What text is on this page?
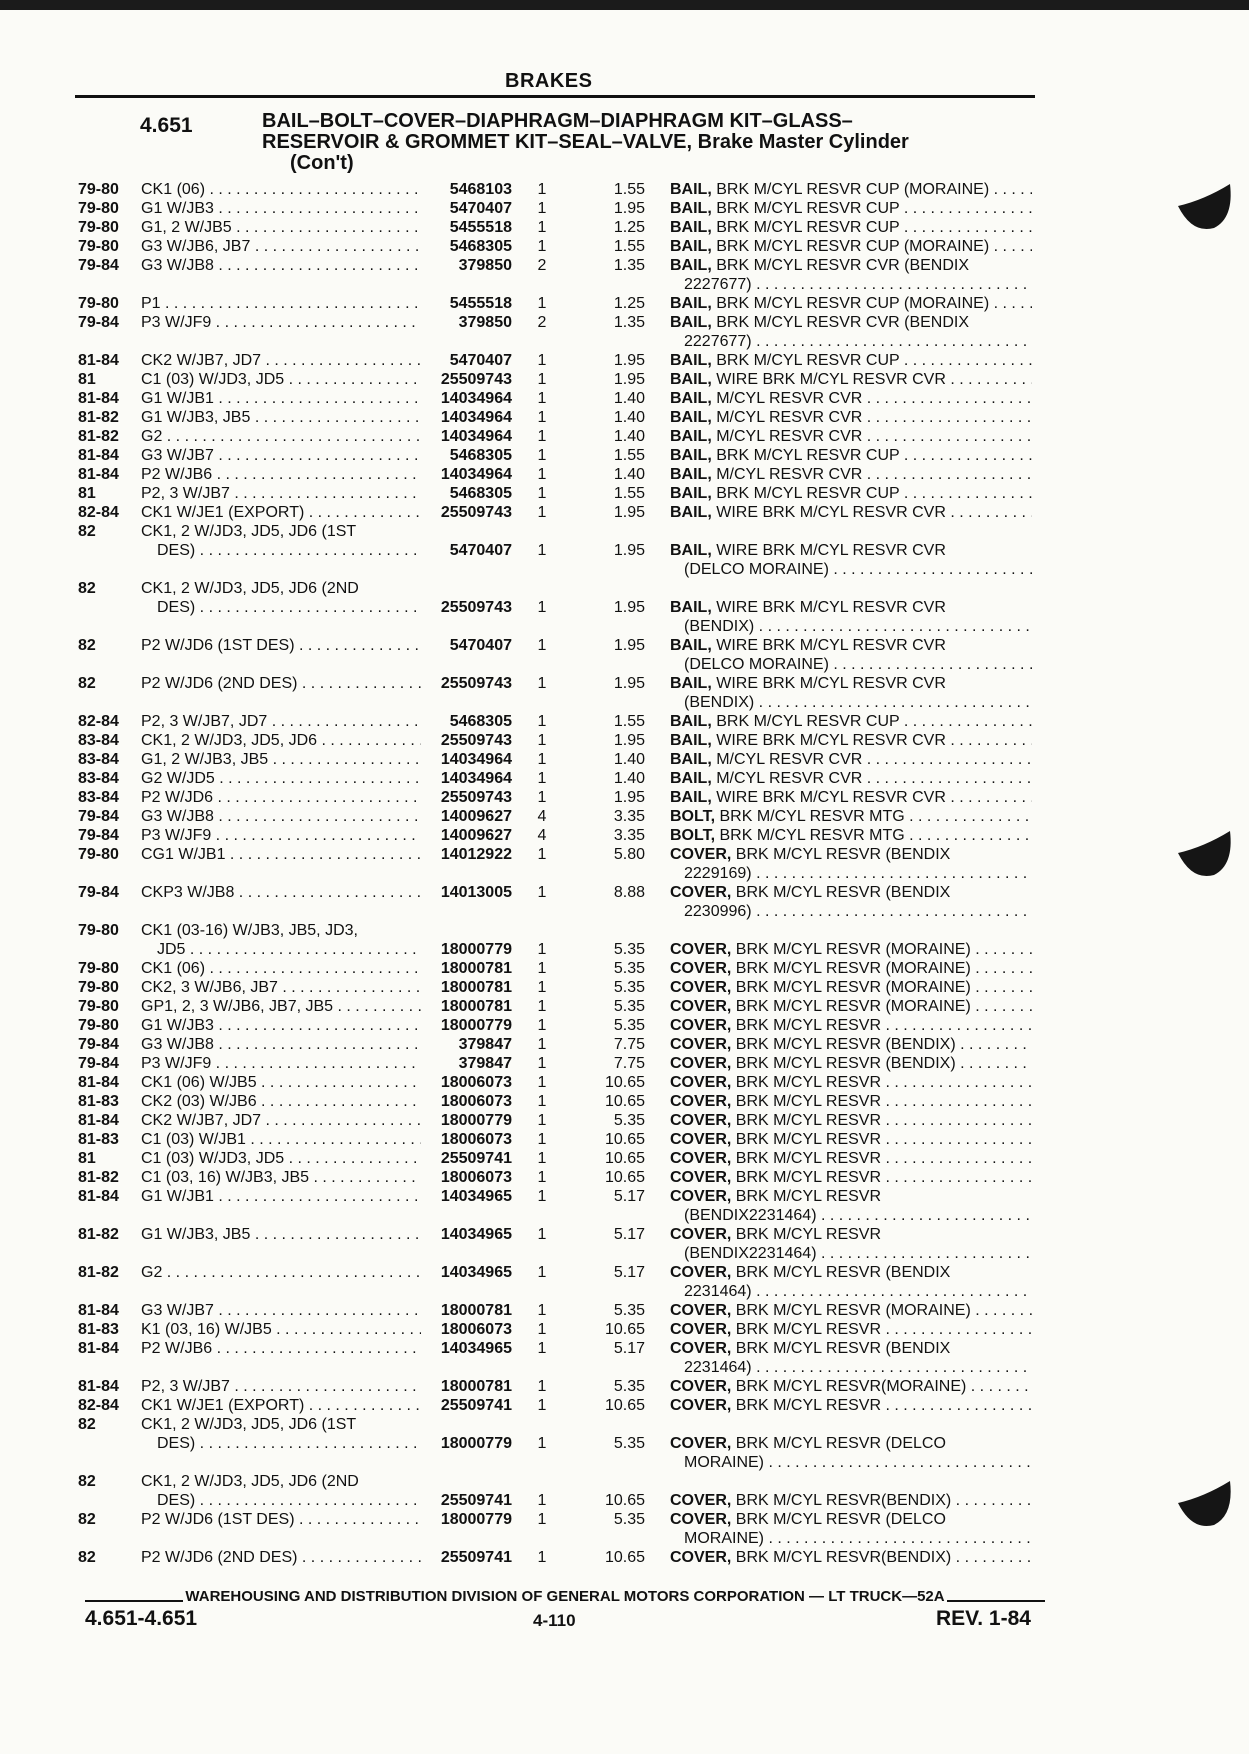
BRAKES
4.651	BAIL–BOLT–COVER–DIAPHRAGM–DIAPHRAGM KIT–GLASS–
RESERVOIR & GROMMET KIT–SEAL–VALVE, Brake Master Cylinder
(Con't)
79-80	CK1 (06) . . .	5468103	1	1.55 BAIL, BRK M/CYL RESVR CUP (MORAINE) . . .
79-80	G1 W/JB3 . . .	5470407	1	1.95 BAIL, BRK M/CYL RESVR CUP . . .
79-80	G1, 2 W/JB5 . . .	5455518	1	1.25 BAIL, BRK M/CYL RESVR CUP . . .
79-80	G3 W/JB6, JB7 . . .	5468305	1	1.55 BAIL, BRK M/CYL RESVR CUP (MORAINE) . . .
79-84	G3 W/JB8 . . .	379850	2	1.35 BAIL, BRK M/CYL RESVR CVR (BENDIX
2227677) . . .
79-80	P1 . . .	5455518	1	1.25 BAIL, BRK M/CYL RESVR CUP (MORAINE) . . .
79-84	P3 W/JF9 . . .	379850	2	1.35 BAIL, BRK M/CYL RESVR CVR (BENDIX
2227677) . . .
81-84	CK2 W/JB7, JD7 . . .	5470407	1	1.95 BAIL, BRK M/CYL RESVR CUP . . .
81	C1 (03) W/JD3, JD5 . . .	25509743	1	1.95 BAIL, WIRE BRK M/CYL RESVR CVR . . .
81-84	G1 W/JB1 . . .	14034964	1	1.40 BAIL, M/CYL RESVR CVR . . .
81-82	G1 W/JB3, JB5 . . .	14034964	1	1.40 BAIL, M/CYL RESVR CVR . . .
81-82	G2 . . .	14034964	1	1.40 BAIL, M/CYL RESVR CVR . . .
81-84	G3 W/JB7 . . .	5468305	1	1.55 BAIL, BRK M/CYL RESVR CUP . . .
81-84	P2 W/JB6 . . .	14034964	1	1.40 BAIL, M/CYL RESVR CVR . . .
81	P2, 3 W/JB7 . . .	5468305	1	1.55 BAIL, BRK M/CYL RESVR CUP . . .
82-84	CK1 W/JE1 (EXPORT) . . .	25509743	1	1.95 BAIL, WIRE BRK M/CYL RESVR CVR . . .
82	CK1, 2 W/JD3, JD5, JD6 (1ST
DES) . . .	5470407	1	1.95 BAIL, WIRE BRK M/CYL RESVR CVR
(DELCO MORAINE) . . .
82	CK1, 2 W/JD3, JD5, JD6 (2ND
DES) . . .	25509743	1	1.95 BAIL, WIRE BRK M/CYL RESVR CVR
(BENDIX) . . .
82	P2 W/JD6 (1ST DES) . . .	5470407	1	1.95 BAIL, WIRE BRK M/CYL RESVR CVR
(DELCO MORAINE) . . .
82	P2 W/JD6 (2ND DES) . . .	25509743	1	1.95 BAIL, WIRE BRK M/CYL RESVR CVR
(BENDIX) . . .
82-84	P2, 3 W/JB7, JD7 . . .	5468305	1	1.55 BAIL, BRK M/CYL RESVR CUP . . .
83-84	CK1, 2 W/JD3, JD5, JD6 . . .	25509743	1	1.95 BAIL, WIRE BRK M/CYL RESVR CVR . . .
83-84	G1, 2 W/JB3, JB5 . . .	14034964	1	1.40 BAIL, M/CYL RESVR CVR . . .
83-84	G2 W/JD5 . . .	14034964	1	1.40 BAIL, M/CYL RESVR CVR . . .
83-84	P2 W/JD6 . . .	25509743	1	1.95 BAIL, WIRE BRK M/CYL RESVR CVR . . .
79-84	G3 W/JB8 . . .	14009627	4	3.35 BOLT, BRK M/CYL RESVR MTG . . .
79-84	P3 W/JF9 . . .	14009627	4	3.35 BOLT, BRK M/CYL RESVR MTG . . .
79-80	CG1 W/JB1 . . .	14012922	1	5.80 COVER, BRK M/CYL RESVR (BENDIX
2229169) . . .
79-84	CKP3 W/JB8 . . .	14013005	1	8.88 COVER, BRK M/CYL RESVR (BENDIX
2230996) . . .
79-80	CK1 (03-16) W/JB3, JB5, JD3,
JD5 . . .	18000779	1	5.35 COVER, BRK M/CYL RESVR (MORAINE) . . .
79-80	CK1 (06) . . .	18000781	1	5.35 COVER, BRK M/CYL RESVR (MORAINE) . . .
79-80	CK2, 3 W/JB6, JB7 . . .	18000781	1	5.35 COVER, BRK M/CYL RESVR (MORAINE) . . .
79-80	GP1, 2, 3 W/JB6, JB7, JB5 . . .	18000781	1	5.35 COVER, BRK M/CYL RESVR (MORAINE) . . .
79-80	G1 W/JB3 . . .	18000779	1	5.35 COVER, BRK M/CYL RESVR . . .
79-84	G3 W/JB8 . . .	379847	1	7.75 COVER, BRK M/CYL RESVR (BENDIX) . . .
79-84	P3 W/JF9 . . .	379847	1	7.75 COVER, BRK M/CYL RESVR (BENDIX) . . .
81-84	CK1 (06) W/JB5 . . .	18006073	1	10.65 COVER, BRK M/CYL RESVR . . .
81-83	CK2 (03) W/JB6 . . .	18006073	1	10.65 COVER, BRK M/CYL RESVR . . .
81-84	CK2 W/JB7, JD7 . . .	18000779	1	5.35 COVER, BRK M/CYL RESVR . . .
81-83	C1 (03) W/JB1 . . .	18006073	1	10.65 COVER, BRK M/CYL RESVR . . .
81	C1 (03) W/JD3, JD5 . . .	25509741	1	10.65 COVER, BRK M/CYL RESVR . . .
81-82	C1 (03, 16) W/JB3, JB5 . . .	18006073	1	10.65 COVER, BRK M/CYL RESVR . . .
81-84	G1 W/JB1 . . .	14034965	1	5.17 COVER, BRK M/CYL RESVR
(BENDIX2231464) . . .
81-82	G1 W/JB3, JB5 . . .	14034965	1	5.17 COVER, BRK M/CYL RESVR
(BENDIX2231464) . . .
81-82	G2 . . .	14034965	1	5.17 COVER, BRK M/CYL RESVR (BENDIX
2231464) . . .
81-84	G3 W/JB7 . . .	18000781	1	5.35 COVER, BRK M/CYL RESVR (MORAINE) . . .
81-83	K1 (03, 16) W/JB5 . . .	18006073	1	10.65 COVER, BRK M/CYL RESVR . . .
81-84	P2 W/JB6 . . .	14034965	1	5.17 COVER, BRK M/CYL RESVR (BENDIX
2231464) . . .
81-84	P2, 3 W/JB7 . . .	18000781	1	5.35 COVER, BRK M/CYL RESVR(MORAINE) . . .
82-84	CK1 W/JE1 (EXPORT) . . .	25509741	1	10.65 COVER, BRK M/CYL RESVR . . .
82	CK1, 2 W/JD3, JD5, JD6 (1ST
DES) . . .	18000779	1	5.35 COVER, BRK M/CYL RESVR (DELCO
MORAINE) . . .
82	CK1, 2 W/JD3, JD5, JD6 (2ND
DES) . . .	25509741	1	10.65 COVER, BRK M/CYL RESVR(BENDIX) . . .
82	P2 W/JD6 (1ST DES) . . .	18000779	1	5.35 COVER, BRK M/CYL RESVR (DELCO
MORAINE) . . .
82	P2 W/JD6 (2ND DES) . . .	25509741	1	10.65 COVER, BRK M/CYL RESVR(BENDIX) . . .
WAREHOUSING AND DISTRIBUTION DIVISION OF GENERAL MOTORS CORPORATION — LT TRUCK—52A
4.651-4.651	4-110	REV. 1-84
